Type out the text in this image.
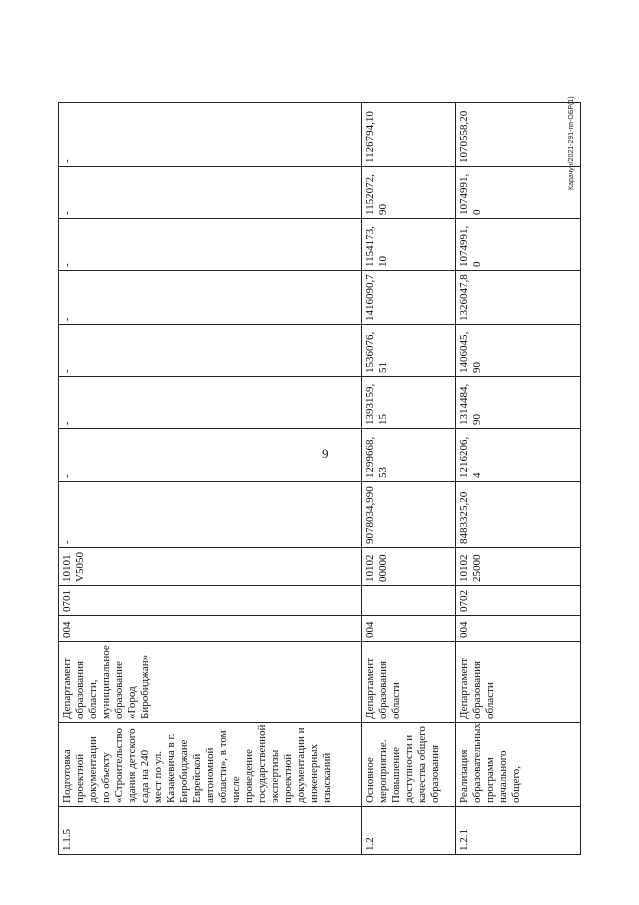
9
Карачун/2021-291-пп-ОБР(1)
1.1.5
Подготовка проектной документации по объекту «Строительство здания детского сада на 240 мест по ул. Казакевича в г. Биробиджане Еврейской автономной области», в том числе проведение государственной экспертизы проектной документации и инженерных изысканий
Департамент образования области, муниципальное образование «Город Биробиджан»
004
0701
10101V5050
-
-
-
-
-
-
-
-
1.2
Основное мероприятие. Повышение доступности и качества общего образования
Департамент образования области
004
1010200000
9078034,990
1299668,53
1393159,15
1536076,51
1416090,7
1154173,10
1152072,90
1126794,10
1.2.1
Реализация образовательных программ начального общего,
Департамент образования области
004
0702
1010225000
8483325,20
1216206,4
1314484,90
1406045,90
1326047,8
1074991,0
1074991,0
1070558,20
